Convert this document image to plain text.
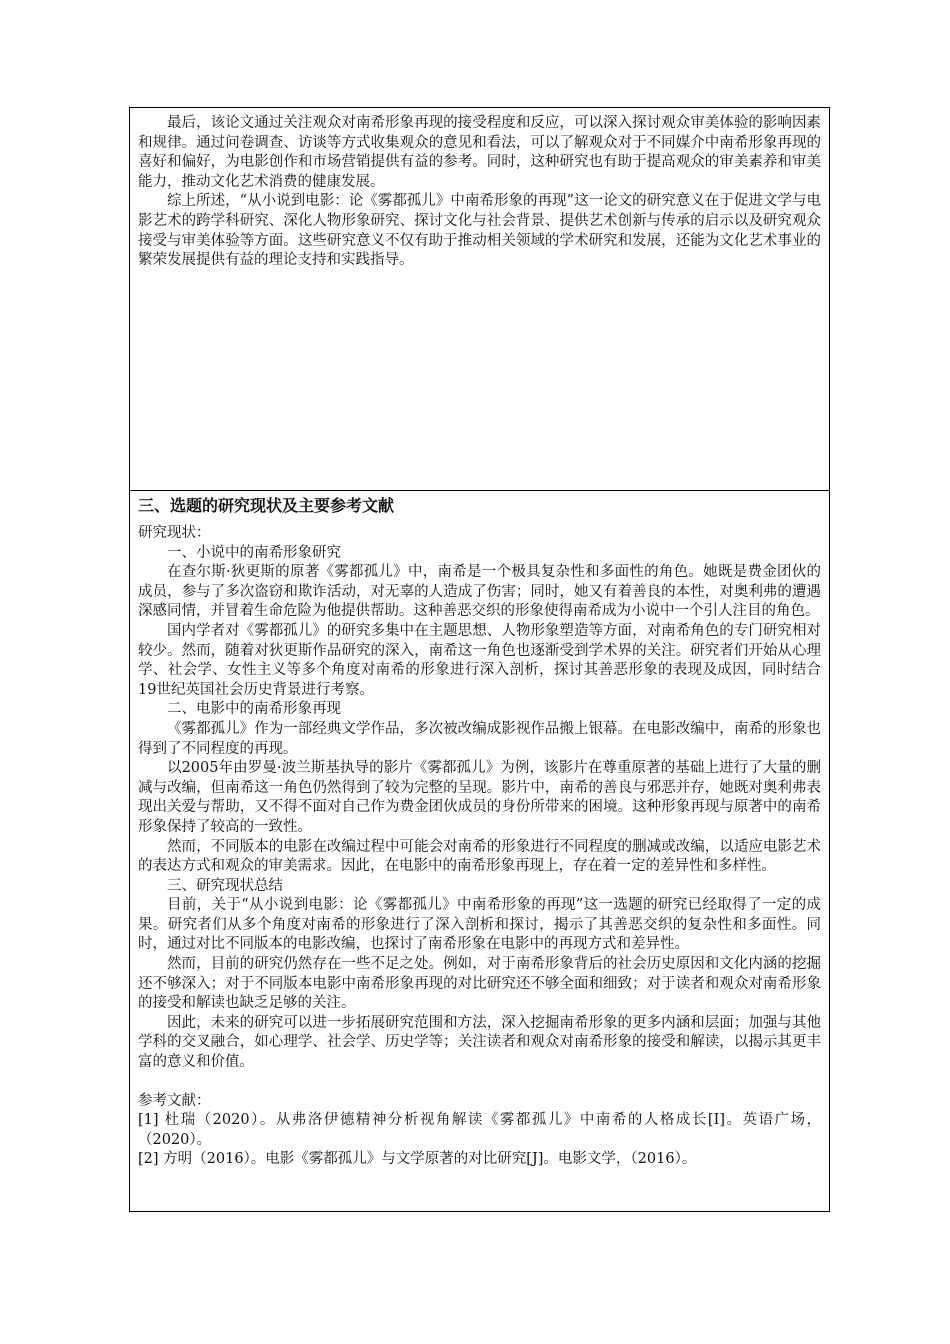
最后，该论文通过关注观众对南希形象再现的接受程度和反应，可以深入探讨观众审美体验的影响因素和规律。通过问卷调查、访谈等方式收集观众的意见和看法，可以了解观众对于不同媒介中南希形象再现的喜好和偏好，为电影创作和市场营销提供有益的参考。同时，这种研究也有助于提高观众的审美素养和审美能力，推动文化艺术消费的健康发展。

综上所述，“从小说到电影：论《雾都孤儿》中南希形象的再现”这一论文的研究意义在于促进文学与电影艺术的跨学科研究、深化人物形象研究、探讨文化与社会背景、提供艺术创新与传承的启示以及研究观众接受与审美体验等方面。这些研究意义不仅有助于推动相关领域的学术研究和发展，还能为文化艺术事业的繁荣发展提供有益的理论支持和实践指导。

三、选题的研究现状及主要参考文献

研究现状：

一、小说中的南希形象研究

在查尔斯·狄更斯的原著《雾都孤儿》中，南希是一个极具复杂性和多面性的角色。她既是费金团伙的成员，参与了多次盗窃和欺诈活动，对无辜的人造成了伤害；同时，她又有着善良的本性，对奥利弗的遭遇深感同情，并冒着生命危险为他提供帮助。这种善恶交织的形象使得南希成为小说中一个引人注目的角色。

国内学者对《雾都孤儿》的研究多集中在主题思想、人物形象塑造等方面，对南希角色的专门研究相对较少。然而，随着对狄更斯作品研究的深入，南希这一角色也逐渐受到学术界的关注。研究者们开始从心理学、社会学、女性主义等多个角度对南希的形象进行深入剖析，探讨其善恶形象的表现及成因，同时结合19世纪英国社会历史背景进行考察。

二、电影中的南希形象再现

《雾都孤儿》作为一部经典文学作品，多次被改编成影视作品搬上银幕。在电影改编中，南希的形象也得到了不同程度的再现。

以2005年由罗曼·波兰斯基执导的影片《雾都孤儿》为例，该影片在尊重原著的基础上进行了大量的删减与改编，但南希这一角色仍然得到了较为完整的呈现。影片中，南希的善良与邪恶并存，她既对奥利弗表现出关爱与帮助，又不得不面对自己作为费金团伙成员的身份所带来的困境。这种形象再现与原著中的南希形象保持了较高的一致性。

然而，不同版本的电影在改编过程中可能会对南希的形象进行不同程度的删减或改编，以适应电影艺术的表达方式和观众的审美需求。因此，在电影中的南希形象再现上，存在着一定的差异性和多样性。

三、研究现状总结

目前，关于“从小说到电影：论《雾都孤儿》中南希形象的再现”这一选题的研究已经取得了一定的成果。研究者们从多个角度对南希的形象进行了深入剖析和探讨，揭示了其善恶交织的复杂性和多面性。同时，通过对比不同版本的电影改编，也探讨了南希形象在电影中的再现方式和差异性。

然而，目前的研究仍然存在一些不足之处。例如，对于南希形象背后的社会历史原因和文化内涵的挖掘还不够深入；对于不同版本电影中南希形象再现的对比研究还不够全面和细致；对于读者和观众对南希形象的接受和解读也缺乏足够的关注。

因此，未来的研究可以进一步拓展研究范围和方法，深入挖掘南希形象的更多内涵和层面；加强与其他学科的交叉融合，如心理学、社会学、历史学等；关注读者和观众对南希形象的接受和解读，以揭示其更丰富的意义和价值。

参考文献：

[1] 杜瑞（2020）。从弗洛伊德精神分析视角解读《雾都孤儿》中南希的人格成长[I]。英语广场，（2020）。

[2] 方明（2016）。电影《雾都孤儿》与文学原著的对比研究[J]。电影文学，（2016）。
